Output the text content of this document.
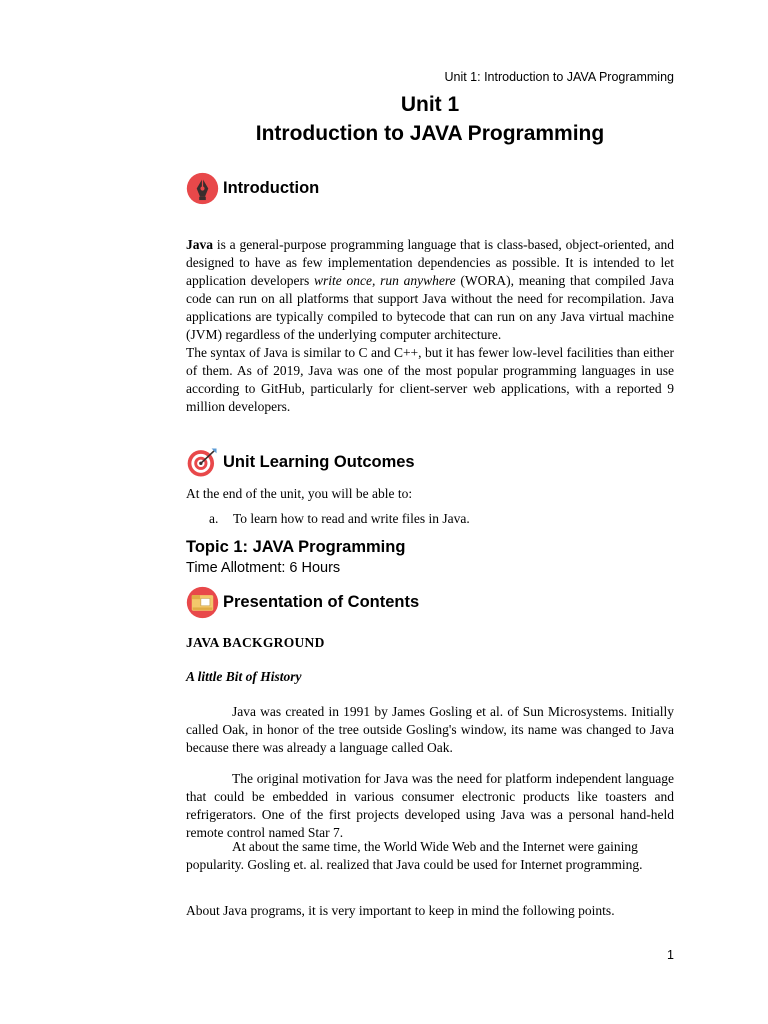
Unit 1: Introduction to JAVA Programming
Unit 1
Introduction to JAVA Programming
Introduction
Java is a general-purpose programming language that is class-based, object-oriented, and designed to have as few implementation dependencies as possible. It is intended to let application developers write once, run anywhere (WORA), meaning that compiled Java code can run on all platforms that support Java without the need for recompilation. Java applications are typically compiled to bytecode that can run on any Java virtual machine (JVM) regardless of the underlying computer architecture.
The syntax of Java is similar to C and C++, but it has fewer low-level facilities than either of them. As of 2019, Java was one of the most popular programming languages in use according to GitHub, particularly for client-server web applications, with a reported 9 million developers.
Unit Learning Outcomes
At the end of the unit, you will be able to:
a. To learn how to read and write files in Java.
Topic 1: JAVA Programming
Time Allotment: 6 Hours
Presentation of Contents
JAVA BACKGROUND
A little Bit of History
Java was created in 1991 by James Gosling et al. of Sun Microsystems. Initially called Oak, in honor of the tree outside Gosling's window, its name was changed to Java because there was already a language called Oak.
The original motivation for Java was the need for platform independent language that could be embedded in various consumer electronic products like toasters and refrigerators. One of the first projects developed using Java was a personal hand-held remote control named Star 7.
At about the same time, the World Wide Web and the Internet were gaining popularity. Gosling et. al. realized that Java could be used for Internet programming.
About Java programs, it is very important to keep in mind the following points.
1
